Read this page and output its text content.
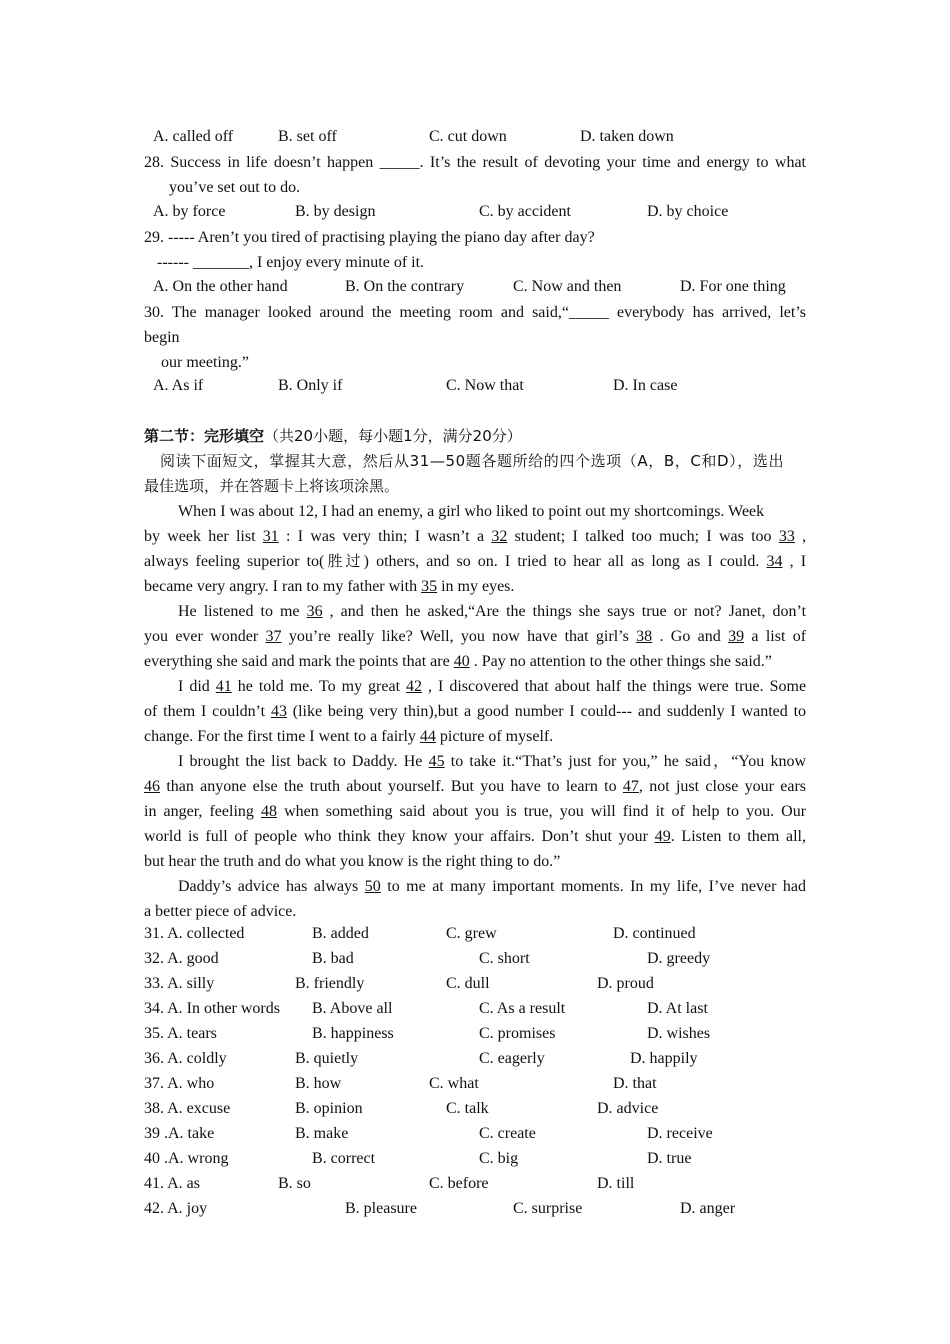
A. called off	B. set off	C. cut down	D. taken down
28. Success in life doesn’t happen _____. It’s the result of devoting your time and energy to what
you’ve set out to do.
A. by force	B. by design	C. by accident	D. by choice
29. ----- Aren’t you tired of practising playing the piano day after day?
------ _______, I enjoy every minute of it.
A. On the other hand	B. On the contrary	C. Now and then	D. For one thing
30. The manager looked around the meeting room and said,“_____ everybody has arrived, let’s
begin
our meeting.”
A. As if	B. Only if	C. Now that	D. In case
第二节：完形填空（共20小题，每小题1分，满分20分）
阅读下面短文，掌握其大意，然后从31—50题各题所给的四个选项（A，B，C和D），选出
最佳选项，并在答题卡上将该项涂黑。
When I was about 12, I had an enemy, a girl who liked to point out my shortcomings. Week
by week her list 31 : I was very thin; I wasn’t a 32 student; I talked too much; I was too 33 ,
always feeling superior to(胜过) others, and so on. I tried to hear all as long as I could. 34 , I
became very angry. I ran to my father with 35 in my eyes.
He listened to me 36 , and then he asked,“Are the things she says true or not? Janet, don’t
you ever wonder 37 you’re really like? Well, you now have that girl’s 38 . Go and 39 a list of
everything she said and mark the points that are 40 . Pay no attention to the other things she said.”
I did 41 he told me. To my great 42 , I discovered that about half the things were true. Some
of them I couldn’t 43 (like being very thin),but a good number I could--- and suddenly I wanted to
change. For the first time I went to a fairly 44 picture of myself.
I brought the list back to Daddy. He 45 to take it.“That’s just for you,” he said，“You know
46 than anyone else the truth about yourself. But you have to learn to 47, not just close your ears
in anger, feeling 48 when something said about you is true, you will find it of help to you. Our
world is full of people who think they know your affairs. Don’t shut your 49. Listen to them all,
but hear the truth and do what you know is the right thing to do.”
Daddy’s advice has always 50 to me at many important moments. In my life, I’ve never had
a better piece of advice.
31. A. collected	B. added	C. grew	D. continued
32. A. good	B. bad	C. short	D. greedy
33. A. silly	B. friendly	C. dull	D. proud
34. A. In other words B. Above all	C. As a result	D. At last
35. A. tears	B. happiness	C. promises	D. wishes
36. A. coldly	B. quietly	C. eagerly	D. happily
37. A. who	B. how	C. what	D. that
38. A. excuse	B. opinion	C. talk	D. advice
39 .A. take	B. make	C. create	D. receive
40 .A. wrong	B. correct	C. big	D. true
41. A. as	B. so	C. before	D. till
42. A. joy	B. pleasure	C. surprise	D. anger
